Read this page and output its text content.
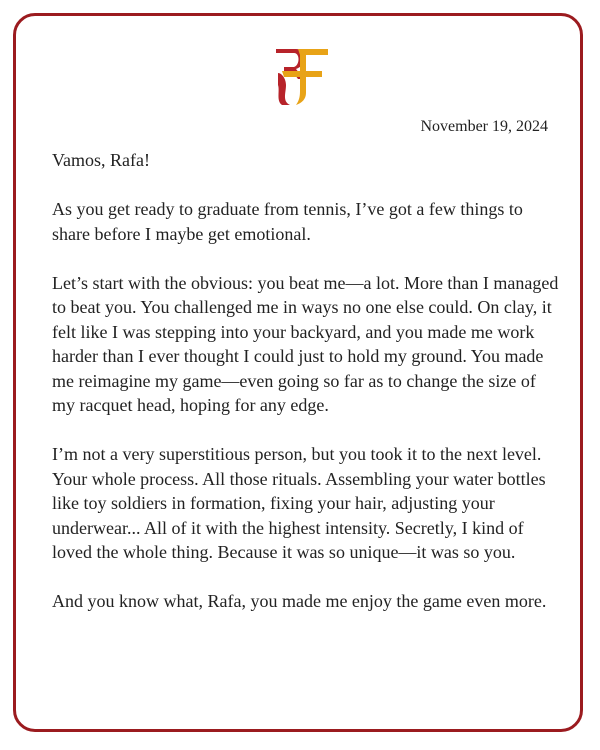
November 19, 2024

Vamos, Rafa!

As you get ready to graduate from tennis, I’ve got a few things to share before I maybe get emotional.

Let’s start with the obvious: you beat me—a lot. More than I managed to beat you. You challenged me in ways no one else could. On clay, it felt like I was stepping into your backyard, and you made me work harder than I ever thought I could just to hold my ground. You made me reimagine my game—even going so far as to change the size of my racquet head, hoping for any edge.

I’m not a very superstitious person, but you took it to the next level. Your whole process. All those rituals. Assembling your water bottles like toy soldiers in formation, fixing your hair, adjusting your underwear... All of it with the highest intensity. Secretly, I kind of loved the whole thing. Because it was so unique—it was so you.

And you know what, Rafa, you made me enjoy the game even more.
